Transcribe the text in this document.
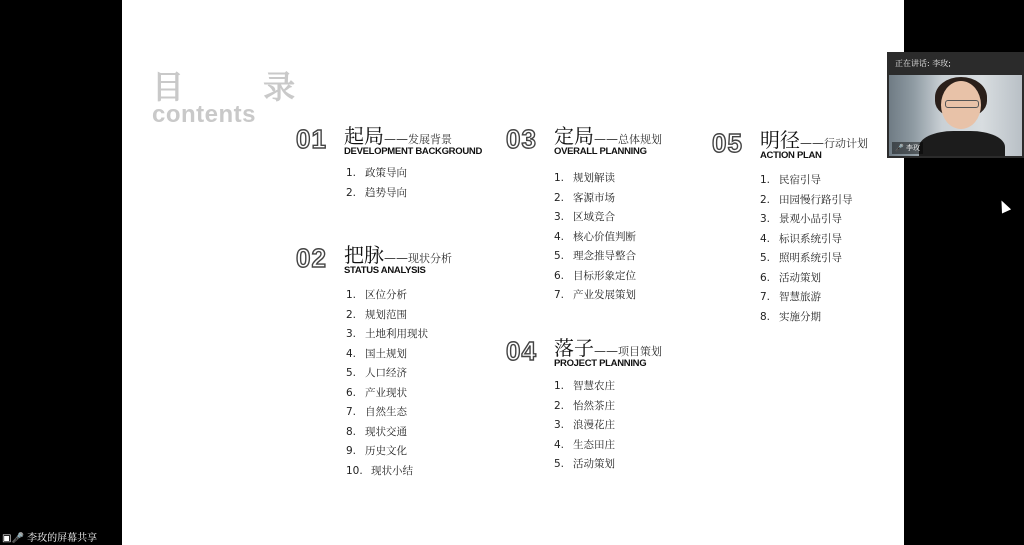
目 录
contents
01 起局——发展背景
DEVELOPMENT BACKGROUND
1. 政策导向
2. 趋势导向
02 把脉——现状分析
STATUS ANALYSIS
1. 区位分析
2. 规划范围
3. 土地利用现状
4. 国土规划
5. 人口经济
6. 产业现状
7. 自然生态
8. 现状交通
9. 历史文化
10. 现状小结
03 定局——总体规划
OVERALL PLANNING
1. 规划解读
2. 客源市场
3. 区域竞合
4. 核心价值判断
5. 理念推导整合
6. 目标形象定位
7. 产业发展策划
04 落子——项目策划
PROJECT PLANNING
1. 智慧农庄
2. 怡然茶庄
3. 浪漫花庄
4. 生态田庄
5. 活动策划
05 明径——行动计划
ACTION PLAN
1. 民宿引导
2. 田园慢行路引导
3. 景观小品引导
4. 标识系统引导
5. 照明系统引导
6. 活动策划
7. 智慧旅游
8. 实施分期
正在讲话: 李玫;
🎤 李玫
▣🎤 李玫的屏幕共享
